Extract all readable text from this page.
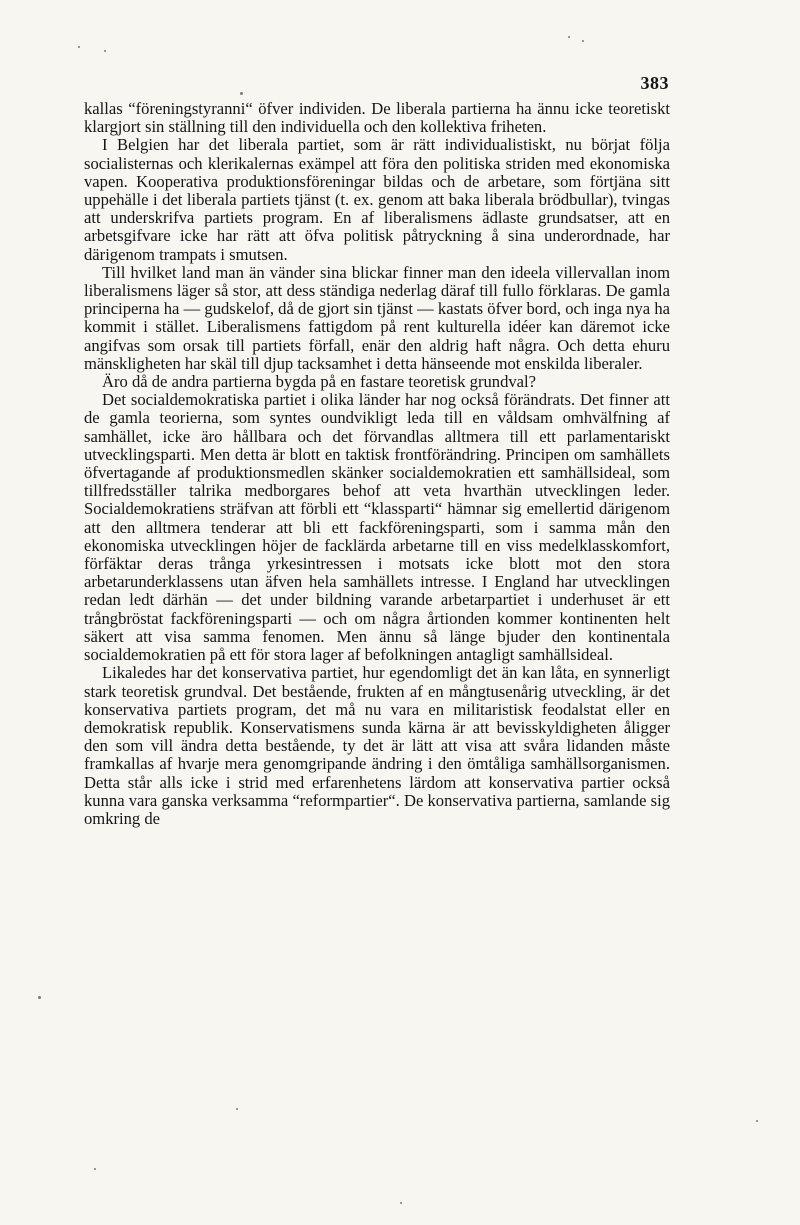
383

kallas “föreningstyranni“ öfver individen. De liberala partierna ha ännu icke teoretiskt klargjort sin ställning till den individuella och den kollektiva friheten.

I Belgien har det liberala partiet, som är rätt individualistiskt, nu börjat följa socialisternas och klerikalernas exämpel att föra den politiska striden med ekonomiska vapen. Kooperativa produktionsföreningar bildas och de arbetare, som förtjäna sitt uppehälle i det liberala partiets tjänst (t. ex. genom att baka liberala brödbullar), tvingas att underskrifva partiets program. En af liberalismens ädlaste grundsatser, att en arbetsgifvare icke har rätt att öfva politisk påtryckning å sina underordnade, har därigenom trampats i smutsen.

Till hvilket land man än vänder sina blickar finner man den ideela villervallan inom liberalismens läger så stor, att dess ständiga nederlag däraf till fullo förklaras. De gamla principerna ha — gudskelof, då de gjort sin tjänst — kastats öfver bord, och inga nya ha kommit i stället. Liberalismens fattigdom på rent kulturella idéer kan däremot icke angifvas som orsak till partiets förfall, enär den aldrig haft några. Och detta ehuru mänskligheten har skäl till djup tacksamhet i detta hänseende mot enskilda liberaler.

Äro då de andra partierna bygda på en fastare teoretisk grundval?

Det socialdemokratiska partiet i olika länder har nog också förändrats. Det finner att de gamla teorierna, som syntes oundvikligt leda till en våldsam omhvälfning af samhället, icke äro hållbara och det förvandlas alltmera till ett parlamentariskt utvecklingsparti. Men detta är blott en taktisk frontförändring. Principen om samhällets öfvertagande af produktionsmedlen skänker socialdemokratien ett samhällsideal, som tillfredsställer talrika medborgares behof att veta hvarthän utvecklingen leder. Socialdemokratiens sträfvan att förbli ett “klassparti“ hämnar sig emellertid därigenom att den alltmera tenderar att bli ett fackföreningsparti, som i samma mån den ekonomiska utvecklingen höjer de facklärda arbetarne till en viss medelklasskomfort, förfäktar deras trånga yrkesintressen i motsats icke blott mot den stora arbetarunderklassens utan äfven hela samhällets intresse. I England har utvecklingen redan ledt därhän — det under bildning varande arbetarpartiet i underhuset är ett trångbröstat fackföreningsparti — och om några årtionden kommer kontinenten helt säkert att visa samma fenomen. Men ännu så länge bjuder den kontinentala socialdemokratien på ett för stora lager af befolkningen antagligt samhällsideal.

Likaledes har det konservativa partiet, hur egendomligt det än kan låta, en synnerligt stark teoretisk grundval. Det bestående, frukten af en mångtusenårig utveckling, är det konservativa partiets program, det må nu vara en militaristisk feodalstat eller en demokratisk republik. Konservatismens sunda kärna är att bevisskyldigheten åligger den som vill ändra detta bestående, ty det är lätt att visa att svåra lidanden måste framkallas af hvarje mera genomgripande ändring i den ömtåliga samhällsorganismen. Detta står alls icke i strid med erfarenhetens lärdom att konservativa partier också kunna vara ganska verksamma “reformpartier“. De konservativa partierna, samlande sig omkring de
